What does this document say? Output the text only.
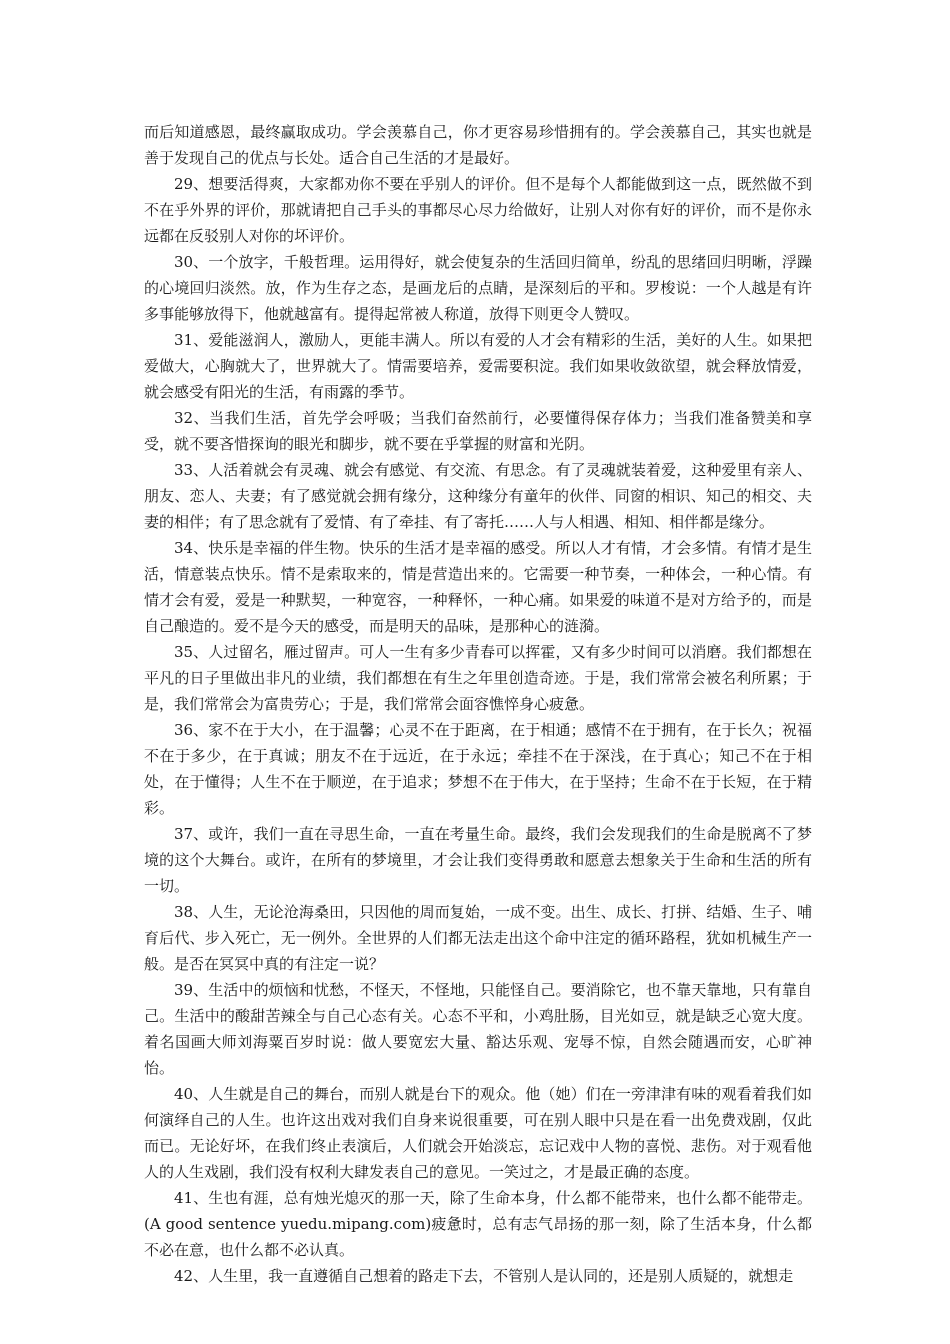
而后知道感恩，最终赢取成功。学会羡慕自己，你才更容易珍惜拥有的。学会羡慕自己，其实也就是善于发现自己的优点与长处。适合自己生活的才是最好。

29、想要活得爽，大家都劝你不要在乎别人的评价。但不是每个人都能做到这一点，既然做不到不在乎外界的评价，那就请把自己手头的事都尽心尽力给做好，让别人对你有好的评价，而不是你永远都在反驳别人对你的坏评价。

30、一个放字，千般哲理。运用得好，就会使复杂的生活回归简单，纷乱的思绪回归明晰，浮躁的心境回归淡然。放，作为生存之态，是画龙后的点睛，是深刻后的平和。罗梭说：一个人越是有许多事能够放得下，他就越富有。提得起常被人称道，放得下则更令人赞叹。

31、爱能滋润人，激励人，更能丰满人。所以有爱的人才会有精彩的生活，美好的人生。如果把爱做大，心胸就大了，世界就大了。情需要培养，爱需要积淀。我们如果收敛欲望，就会释放情爱，就会感受有阳光的生活，有雨露的季节。

32、当我们生活，首先学会呼吸；当我们奋然前行，必要懂得保存体力；当我们准备赞美和享受，就不要吝惜探询的眼光和脚步，就不要在乎掌握的财富和光阴。

33、人活着就会有灵魂、就会有感觉、有交流、有思念。有了灵魂就装着爱，这种爱里有亲人、朋友、恋人、夫妻；有了感觉就会拥有缘分，这种缘分有童年的伙伴、同窗的相识、知己的相交、夫妻的相伴；有了思念就有了爱情、有了牵挂、有了寄托……人与人相遇、相知、相伴都是缘分。

34、快乐是幸福的伴生物。快乐的生活才是幸福的感受。所以人才有情，才会多情。有情才是生活，情意装点快乐。情不是索取来的，情是营造出来的。它需要一种节奏，一种体会，一种心情。有情才会有爱，爱是一种默契，一种宽容，一种释怀，一种心痛。如果爱的味道不是对方给予的，而是自己酿造的。爱不是今天的感受，而是明天的品味，是那种心的涟漪。

35、人过留名，雁过留声。可人一生有多少青春可以挥霍，又有多少时间可以消磨。我们都想在平凡的日子里做出非凡的业绩，我们都想在有生之年里创造奇迹。于是，我们常常会被名利所累；于是，我们常常会为富贵劳心；于是，我们常常会面容憔悴身心疲惫。

36、家不在于大小，在于温馨；心灵不在于距离，在于相通；感情不在于拥有，在于长久；祝福不在于多少，在于真诚；朋友不在于远近，在于永远；牵挂不在于深浅，在于真心；知己不在于相处，在于懂得；人生不在于顺逆，在于追求；梦想不在于伟大，在于坚持；生命不在于长短，在于精彩。

37、或许，我们一直在寻思生命，一直在考量生命。最终，我们会发现我们的生命是脱离不了梦境的这个大舞台。或许，在所有的梦境里，才会让我们变得勇敢和愿意去想象关于生命和生活的所有一切。

38、人生，无论沧海桑田，只因他的周而复始，一成不变。出生、成长、打拼、结婚、生子、哺育后代、步入死亡，无一例外。全世界的人们都无法走出这个命中注定的循环路程，犹如机械生产一般。是否在冥冥中真的有注定一说？

39、生活中的烦恼和忧愁，不怪天，不怪地，只能怪自己。要消除它，也不靠天靠地，只有靠自己。生活中的酸甜苦辣全与自己心态有关。心态不平和，小鸡肚肠，目光如豆，就是缺乏心宽大度。着名国画大师刘海粟百岁时说：做人要宽宏大量、豁达乐观、宠辱不惊，自然会随遇而安，心旷神怡。

40、人生就是自己的舞台，而别人就是台下的观众。他（她）们在一旁津津有味的观看着我们如何演绎自己的人生。也许这出戏对我们自身来说很重要，可在别人眼中只是在看一出免费戏剧，仅此而已。无论好坏，在我们终止表演后，人们就会开始淡忘，忘记戏中人物的喜悦、悲伤。对于观看他人的人生戏剧，我们没有权利大肆发表自己的意见。一笑过之，才是最正确的态度。

41、生也有涯，总有烛光熄灭的那一天，除了生命本身，什么都不能带来，也什么都不能带走。(A good sentence yuedu.mipang.com)疲惫时，总有志气昂扬的那一刻，除了生活本身，什么都不必在意，也什么都不必认真。

42、人生里，我一直遵循自己想着的路走下去，不管别人是认同的，还是别人质疑的，就想走
